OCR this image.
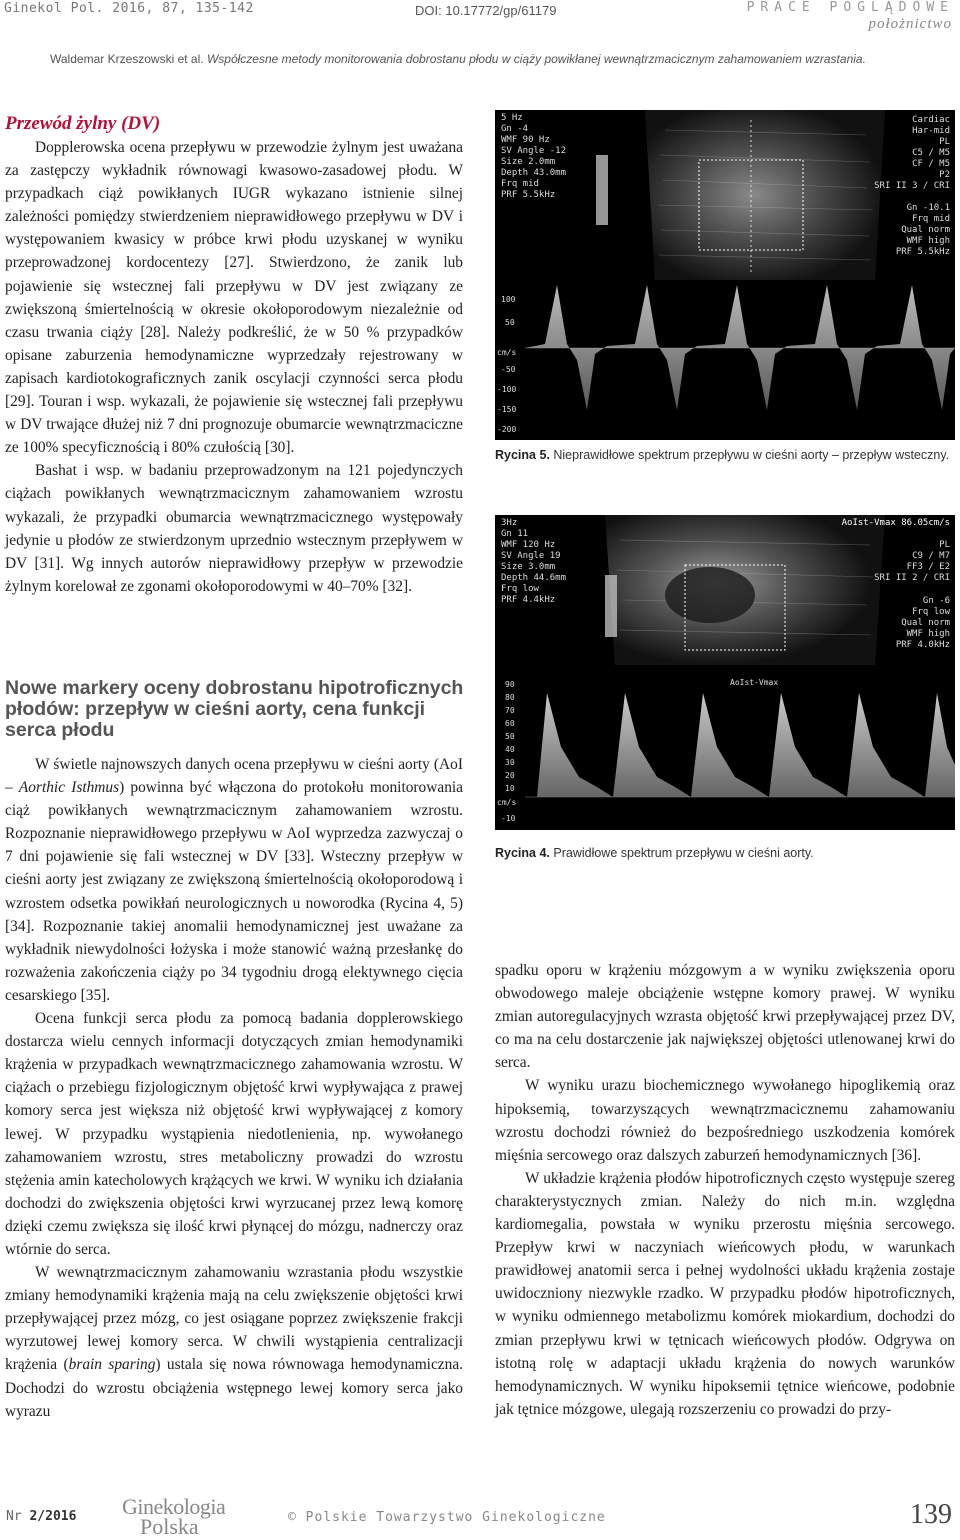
Ginekol Pol. 2016, 87, 135-142	DOI: 10.17772/gp/61179	PRACE POGLĄDOWE
położnictwo
Waldemar Krzeszowski et al. Współczesne metody monitorowania dobrostanu płodu w ciąży powikłanej wewnątrzmacicznym zahamowaniem wzrastania.
Przewód żylny (DV)

Dopplerowska ocena przepływu w przewodzie żylnym jest uważana za zastępczy wykładnik równowagi kwasowo-zasadowej płodu. W przypadkach ciąż powikłanych IUGR wykazano istnienie silnej zależności pomiędzy stwierdzeniem nieprawidłowego przepływu w DV i występowaniem kwasicy w próbce krwi płodu uzyskanej w wyniku przeprowadzonej kordocentezy [27]. Stwierdzono, że zanik lub pojawienie się wstecznej fali przepływu w DV jest związany ze zwiększoną śmiertelnością w okresie okołoporodowym niezależnie od czasu trwania ciąży [28]. Należy podkreślić, że w 50 % przypadków opisane zaburzenia hemodynamiczne wyprzedzały rejestrowany w zapisach kardiotokograficznych zanik oscylacji czynności serca płodu [29]. Touran i wsp. wykazali, że pojawienie się wstecznej fali przepływu w DV trwające dłużej niż 7 dni prognozuje obumarcie wewnątrzmaciczne ze 100% specyficznością i 80% czułością [30].

Bashat i wsp. w badaniu przeprowadzonym na 121 pojedynczych ciążach powikłanych wewnątrzmacicznym zahamowaniem wzrostu wykazali, że przypadki obumarcia wewnątrzmacicznego występowały jedynie u płodów ze stwierdzonym uprzednio wstecznym przepływem w DV [31]. Wg innych autorów nieprawidłowy przepływ w przewodzie żylnym korelował ze zgonami okołoporodowymi w 40–70% [32].

Nowe markery oceny dobrostanu hipotroficznych płodów: przepływ w cieśni aorty, cena funkcji serca płodu

W świetle najnowszych danych ocena przepływu w cieśni aorty (AoI – Aorthic Isthmus) powinna być włączona do protokołu monitorowania ciąż powikłanych wewnątrzmacicznym zahamowaniem wzrostu. Rozpoznanie nieprawidłowego przepływu w AoI wyprzedza zazwyczaj o 7 dni pojawienie się fali wstecznej w DV [33]. Wsteczny przepływ w cieśni aorty jest związany ze zwiększoną śmiertelnością okołoporodową i wzrostem odsetka powikłań neurologicznych u noworodka (Rycina 4, 5) [34]. Rozpoznanie takiej anomalii hemodynamicznej jest uważane za wykładnik niewydolności łożyska i może stanowić ważną przesłankę do rozważenia zakończenia ciąży po 34 tygodniu drogą elektywnego cięcia cesarskiego [35].

Ocena funkcji serca płodu za pomocą badania dopplerowskiego dostarcza wielu cennych informacji dotyczących zmian hemodynamiki krążenia w przypadkach wewnątrzmacicznego zahamowania wzrostu. W ciążach o przebiegu fizjologicznym objętość krwi wypływająca z prawej komory serca jest większa niż objętość krwi wypływającej z komory lewej. W przypadku wystąpienia niedotlenienia, np. wywołanego zahamowaniem wzrostu, stres metaboliczny prowadzi do wzrostu stężenia amin katecholowych krążących we krwi. W wyniku ich działania dochodzi do zwiększenia objętości krwi wyrzucanej przez lewą komorę dzięki czemu zwiększa się ilość krwi płynącej do mózgu, nadnerczy oraz wtórnie do serca.

W wewnątrzmacicznym zahamowaniu wzrastania płodu wszystkie zmiany hemodynamiki krążenia mają na celu zwiększenie objętości krwi przepływającej przez mózg, co jest osiągane poprzez zwiększenie frakcji wyrzutowej lewej komory serca. W chwili wystąpienia centralizacji krążenia (brain sparing) ustala się nowa równowaga hemodynamiczna. Dochodzi do wzrostu obciążenia wstępnego lewej komory serca jako wyrazu

5 Hz
Gn -4
WMF 90 Hz
SV Angle -12
Size 2.0mm
Depth 43.0mm
Frq mid
PRF 5.5kHz
Cardiac
Har-mid
PL
C5 / M5
CF / M5
P2
SRI II 3 / CRI
Gn -10.1
Frq mid
Qual norm
WMF high
PRF 5.5kHz
cm/s
100
50
-50
-100
-150
-200
Rycina 5. Nieprawidłowe spektrum przepływu w cieśni aorty – przepływ wsteczny.
3Hz
Gn 11
WMF 120 Hz
SV Angle 19
Size 3.0mm
Depth 44.6mm
Frq low
PRF 4.4kHz
AoIst-Vmax 86.05cm/s
PL
C9 / M7
FF3 / E2
SRI II 2 / CRI
Gn -6
Frq low
Qual norm
WMF high
PRF 4.0kHz
AoIst-Vmax
90
80
70
60
50
40
30
20
10
cm/s
-10
Rycina 4. Prawidłowe spektrum przepływu w cieśni aorty.

spadku oporu w krążeniu mózgowym a w wyniku zwiększenia oporu obwodowego maleje obciążenie wstępne komory prawej. W wyniku zmian autoregulacyjnych wzrasta objętość krwi przepływającej przez DV, co ma na celu dostarczenie jak największej objętości utlenowanej krwi do serca.

W wyniku urazu biochemicznego wywołanego hipoglikemią oraz hipoksemią, towarzyszących wewnątrzmacicznemu zahamowaniu wzrostu dochodzi również do bezpośredniego uszkodzenia komórek mięśnia sercowego oraz dalszych zaburzeń hemodynamicznych [36].

W układzie krążenia płodów hipotroficznych często występuje szereg charakterystycznych zmian. Należy do nich m.in. względna kardiomegalia, powstała w wyniku przerostu mięśnia sercowego. Przepływ krwi w naczyniach wieńcowych płodu, w warunkach prawidłowej anatomii serca i pełnej wydolności układu krążenia zostaje uwidoczniony niezwykle rzadko. W przypadku płodów hipotroficznych, w wyniku odmiennego metabolizmu komórek miokardium, dochodzi do zmian przepływu krwi w tętnicach wieńcowych płodów. Odgrywa on istotną rolę w adaptacji układu krążenia do nowych warunków hemodynamicznych. W wyniku hipoksemii tętnice wieńcowe, podobnie jak tętnice mózgowe, ulegają rozszerzeniu co prowadzi do przy-

Nr 2/2016 Ginekologia
Polska	© Polskie Towarzystwo Ginekologiczne	139
